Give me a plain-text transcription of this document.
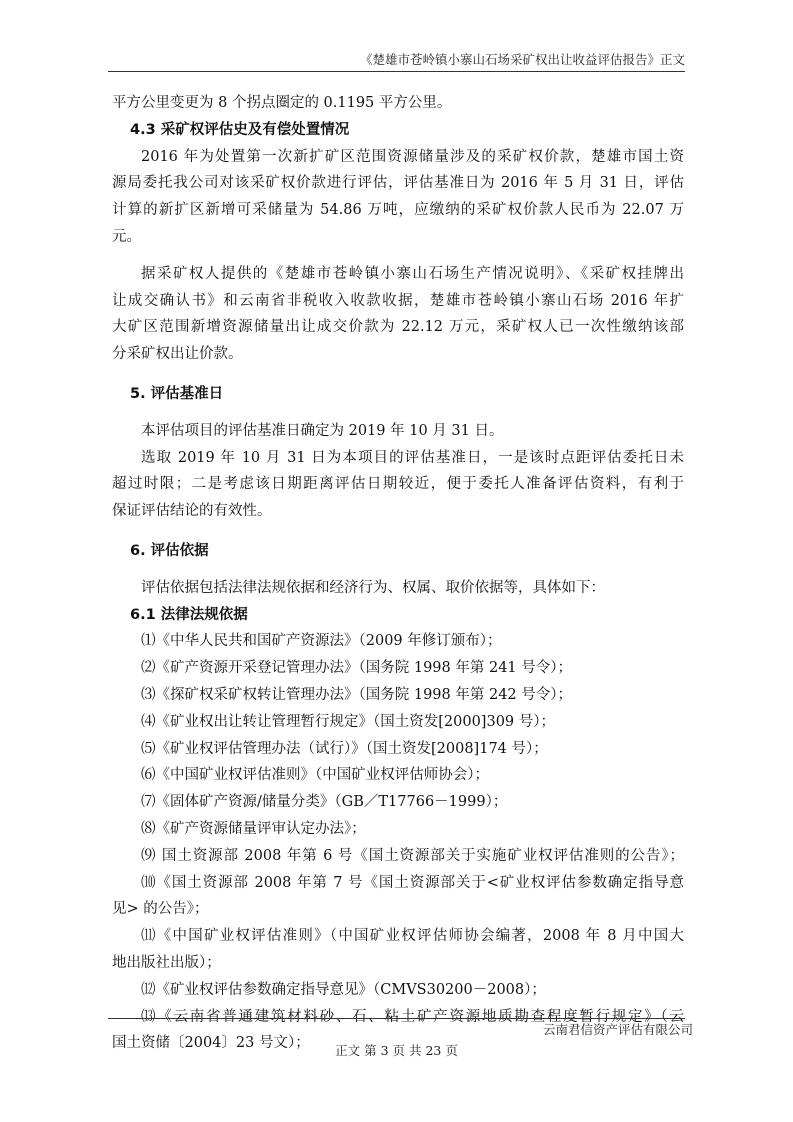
《楚雄市苍岭镇小寨山石场采矿权出让收益评估报告》正文
平方公里变更为 8 个拐点圈定的 0.1195 平方公里。
4.3 采矿权评估史及有偿处置情况
2016 年为处置第一次新扩矿区范围资源储量涉及的采矿权价款，楚雄市国土资
源局委托我公司对该采矿权价款进行评估，评估基准日为 2016 年 5 月 31 日，评估
计算的新扩区新增可采储量为 54.86 万吨，应缴纳的采矿权价款人民币为 22.07 万
元。
据采矿权人提供的《楚雄市苍岭镇小寨山石场生产情况说明》、《采矿权挂牌出
让成交确认书》和云南省非税收入收款收据，楚雄市苍岭镇小寨山石场 2016 年扩
大矿区范围新增资源储量出让成交价款为 22.12 万元，采矿权人已一次性缴纳该部
分采矿权出让价款。
5. 评估基准日
本评估项目的评估基准日确定为 2019 年 10 月 31 日。
选取 2019 年 10 月 31 日为本项目的评估基准日，一是该时点距评估委托日未
超过时限；二是考虑该日期距离评估日期较近，便于委托人准备评估资料，有利于
保证评估结论的有效性。
6. 评估依据
评估依据包括法律法规依据和经济行为、权属、取价依据等，具体如下：
6.1 法律法规依据
⑴《中华人民共和国矿产资源法》（2009 年修订颁布）；
⑵《矿产资源开采登记管理办法》（国务院 1998 年第 241 号令）；
⑶《探矿权采矿权转让管理办法》（国务院 1998 年第 242 号令）；
⑷《矿业权出让转让管理暂行规定》（国土资发[2000]309 号）；
⑸《矿业权评估管理办法（试行）》（国土资发[2008]174 号）；
⑹《中国矿业权评估准则》（中国矿业权评估师协会）；
⑺《固体矿产资源/储量分类》（GB／T17766－1999）；
⑻《矿产资源储量评审认定办法》；
⑼ 国土资源部 2008 年第 6 号《国土资源部关于实施矿业权评估准则的公告》；
⑽《国土资源部 2008 年第 7 号《国土资源部关于<矿业权评估参数确定指导意
见> 的公告》；
⑾《中国矿业权评估准则》（中国矿业权评估师协会编著，2008 年 8 月中国大
地出版社出版）；
⑿《矿业权评估参数确定指导意见》（CMVS30200－2008）；
⒀《云南省普通建筑材料砂、石、粘土矿产资源地质勘查程度暂行规定》（云
国土资储〔2004〕23 号文）；
云南君信资产评估有限公司
正文 第 3 页 共 23 页
